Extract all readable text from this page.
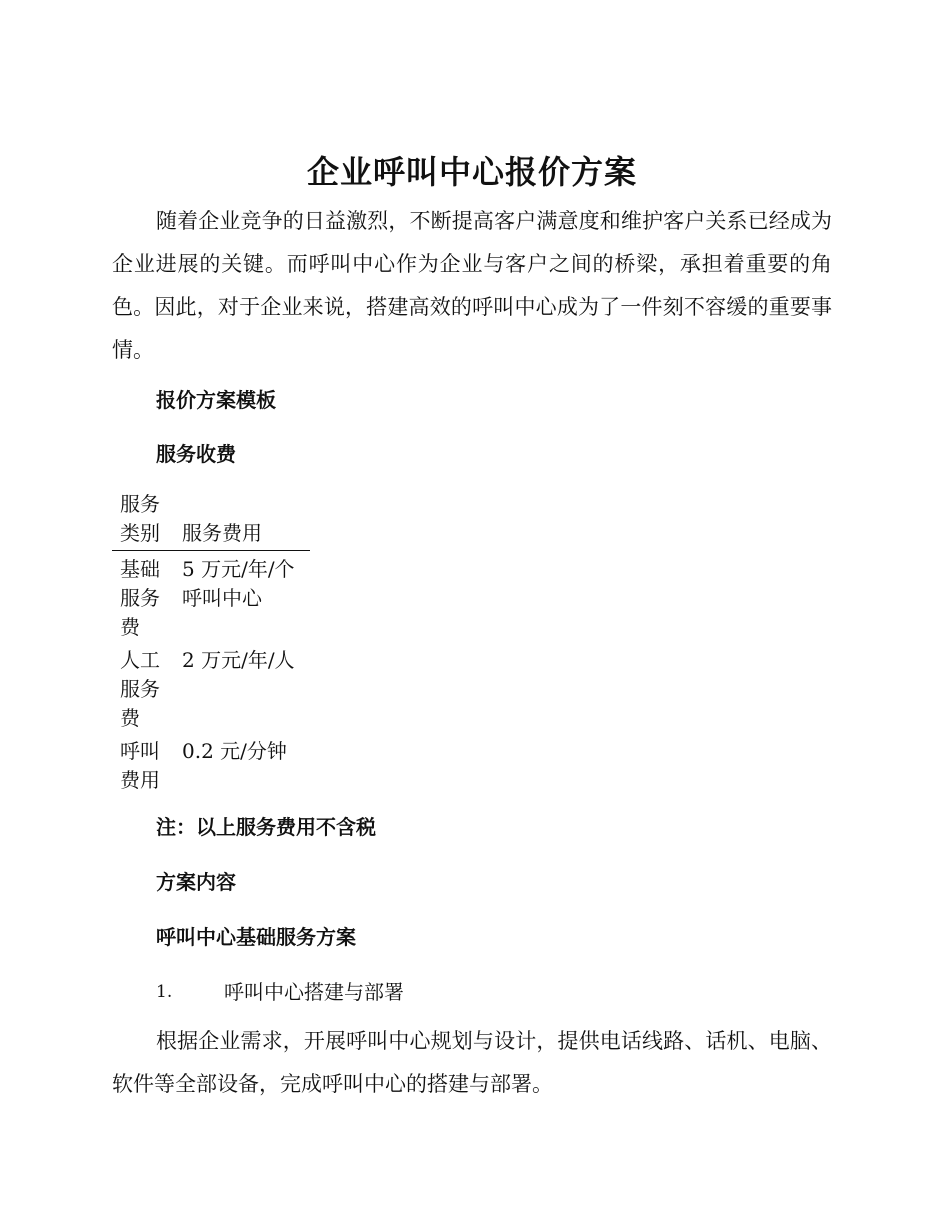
企业呼叫中心报价方案

随着企业竞争的日益激烈，不断提高客户满意度和维护客户关系已经成为企业进展的关键。而呼叫中心作为企业与客户之间的桥梁，承担着重要的角色。因此，对于企业来说，搭建高效的呼叫中心成为了一件刻不容缓的重要事情。

报价方案模板

服务收费

服务类别	服务费用
基础服务费	5 万元/年/个呼叫中心
人工服务费	2 万元/年/人
呼叫费用	0.2 元/分钟

注：以上服务费用不含税

方案内容

呼叫中心基础服务方案

1.	呼叫中心搭建与部署

根据企业需求，开展呼叫中心规划与设计，提供电话线路、话机、电脑、软件等全部设备，完成呼叫中心的搭建与部署。
